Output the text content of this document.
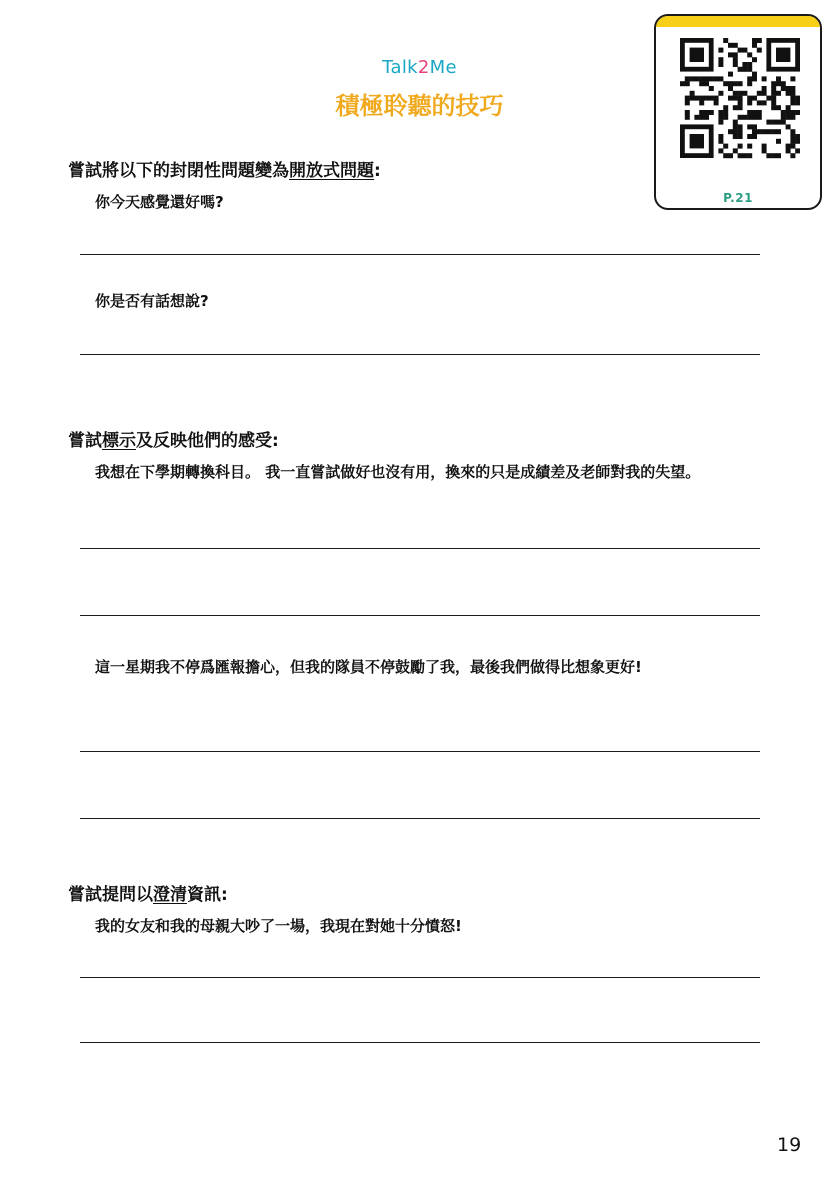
Talk2Me
積極聆聽的技巧
P.21
嘗試將以下的封閉性問題變為開放式問題:
你今天感覺還好嗎?
你是否有話想說?
嘗試標示及反映他們的感受:
我想在下學期轉換科目。 我一直嘗試做好也沒有用，換來的只是成績差及老師對我的失望。
這一星期我不停爲匯報擔心，但我的隊員不停鼓勵了我，最後我們做得比想象更好!
嘗試提問以澄清資訊:
我的女友和我的母親大吵了一場，我現在對她十分憤怒!
19
